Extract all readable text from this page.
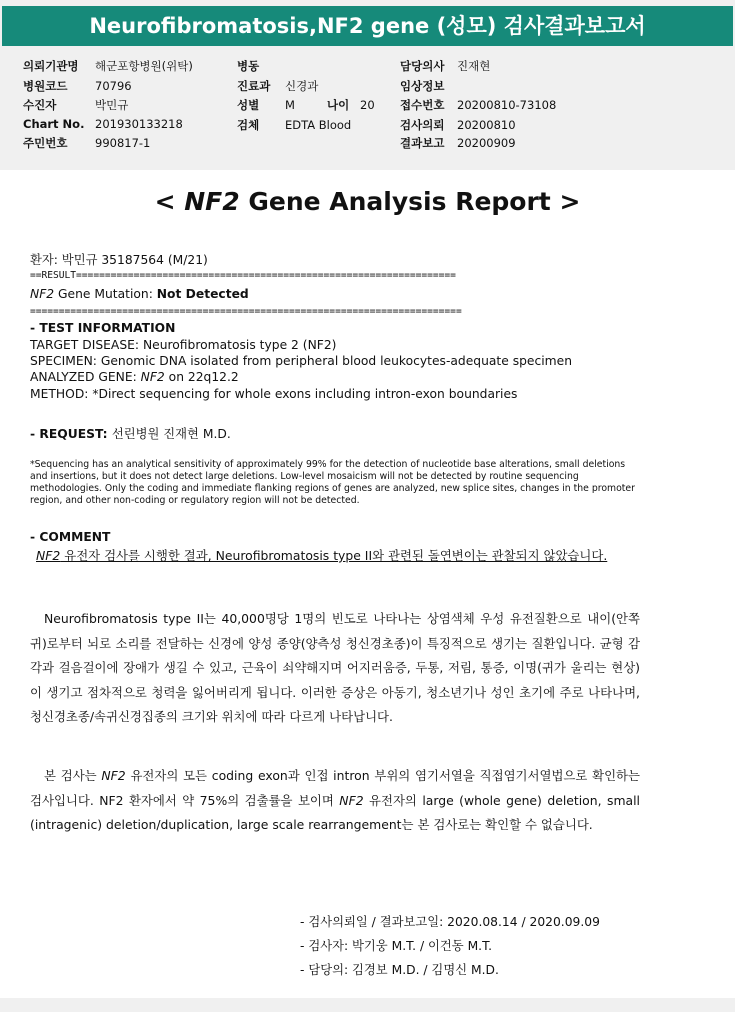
Neurofibromatosis,NF2 gene (성모) 검사결과보고서
의뢰기관명 해군포항병원(위탁)
병원코드 70796
수진자	박민규
Chart No. 201930133218
주민번호 990817-1
병동
진료과 신경과
성별 M	나이 20
검체 EDTA Blood
담당의사 진재현
임상정보
접수번호 20200810-73108
검사의뢰 20200810
결과보고 20200909
< NF2 Gene Analysis Report >
환자: 박민규 35187564 (M/21)
==RESULT==================================================================
NF2 Gene Mutation: Not Detected
===========================================================================
- TEST INFORMATION
TARGET DISEASE: Neurofibromatosis type 2 (NF2)
SPECIMEN: Genomic DNA isolated from peripheral blood leukocytes-adequate specimen
ANALYZED GENE: NF2 on 22q12.2
METHOD: *Direct sequencing for whole exons including intron-exon boundaries
- REQUEST: 선린병원 진재현 M.D.
*Sequencing has an analytical sensitivity of approximately 99% for the detection of nucleotide base alterations, small deletions and insertions, but it does not detect large deletions. Low-level mosaicism will not be detected by routine sequencing methodologies. Only the coding and immediate flanking regions of genes are analyzed, new splice sites, changes in the promoter region, and other non-coding or regulatory region will not be detected.
- COMMENT
NF2 유전자 검사를 시행한 결과, Neurofibromatosis type II와 관련된 돌연변이는 관찰되지 않았습니다.
Neurofibromatosis type II는 40,000명당 1명의 빈도로 나타나는 상염색체 우성 유전질환으로 내이(안쪽 귀)로부터 뇌로 소리를 전달하는 신경에 양성 종양(양측성 청신경초종)이 특징적으로 생기는 질환입니다. 균형 감각과 걸음걸이에 장애가 생길 수 있고, 근육이 쇠약해지며 어지러움증, 두통, 저림, 통증, 이명(귀가 울리는 현상)이 생기고 점차적으로 청력을 잃어버리게 됩니다. 이러한 증상은 아동기, 청소년기나 성인 초기에 주로 나타나며, 청신경초종/속귀신경집종의 크기와 위치에 따라 다르게 나타납니다.
본 검사는 NF2 유전자의 모든 coding exon과 인접 intron 부위의 염기서열을 직접염기서열법으로 확인하는 검사입니다. NF2 환자에서 약 75%의 검출률을 보이며 NF2 유전자의 large (whole gene) deletion, small (intragenic) deletion/duplication, large scale rearrangement는 본 검사로는 확인할 수 없습니다.
- 검사의뢰일 / 결과보고일: 2020.08.14 / 2020.09.09
- 검사자: 박기웅 M.T. / 이건동 M.T.
- 담당의: 김경보 M.D. / 김명신 M.D.
